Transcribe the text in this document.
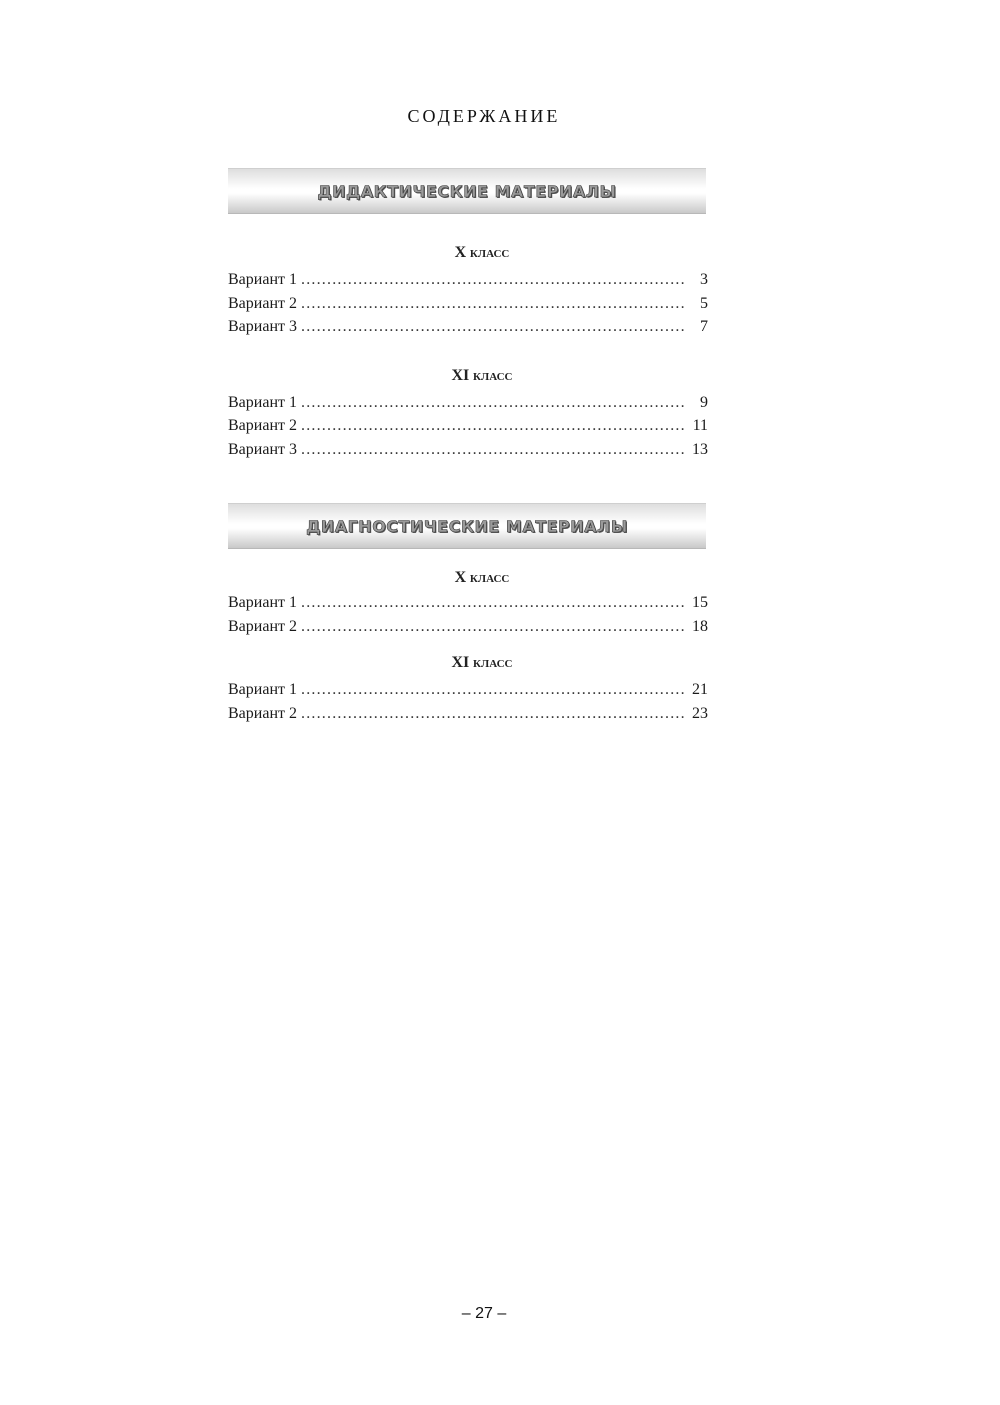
СОДЕРЖАНИЕ
ДИДАКТИЧЕСКИЕ МАТЕРИАЛЫ
X класс
Вариант 1 .....	3
Вариант 2 .....	5
Вариант 3 .....	7
XI класс
Вариант 1 .....	9
Вариант 2 .....	11
Вариант 3 .....	13
ДИАГНОСТИЧЕСКИЕ МАТЕРИАЛЫ
X класс
Вариант 1 .....	15
Вариант 2 .....	18
XI класс
Вариант 1 .....	21
Вариант 2 .....	23
– 27 –
